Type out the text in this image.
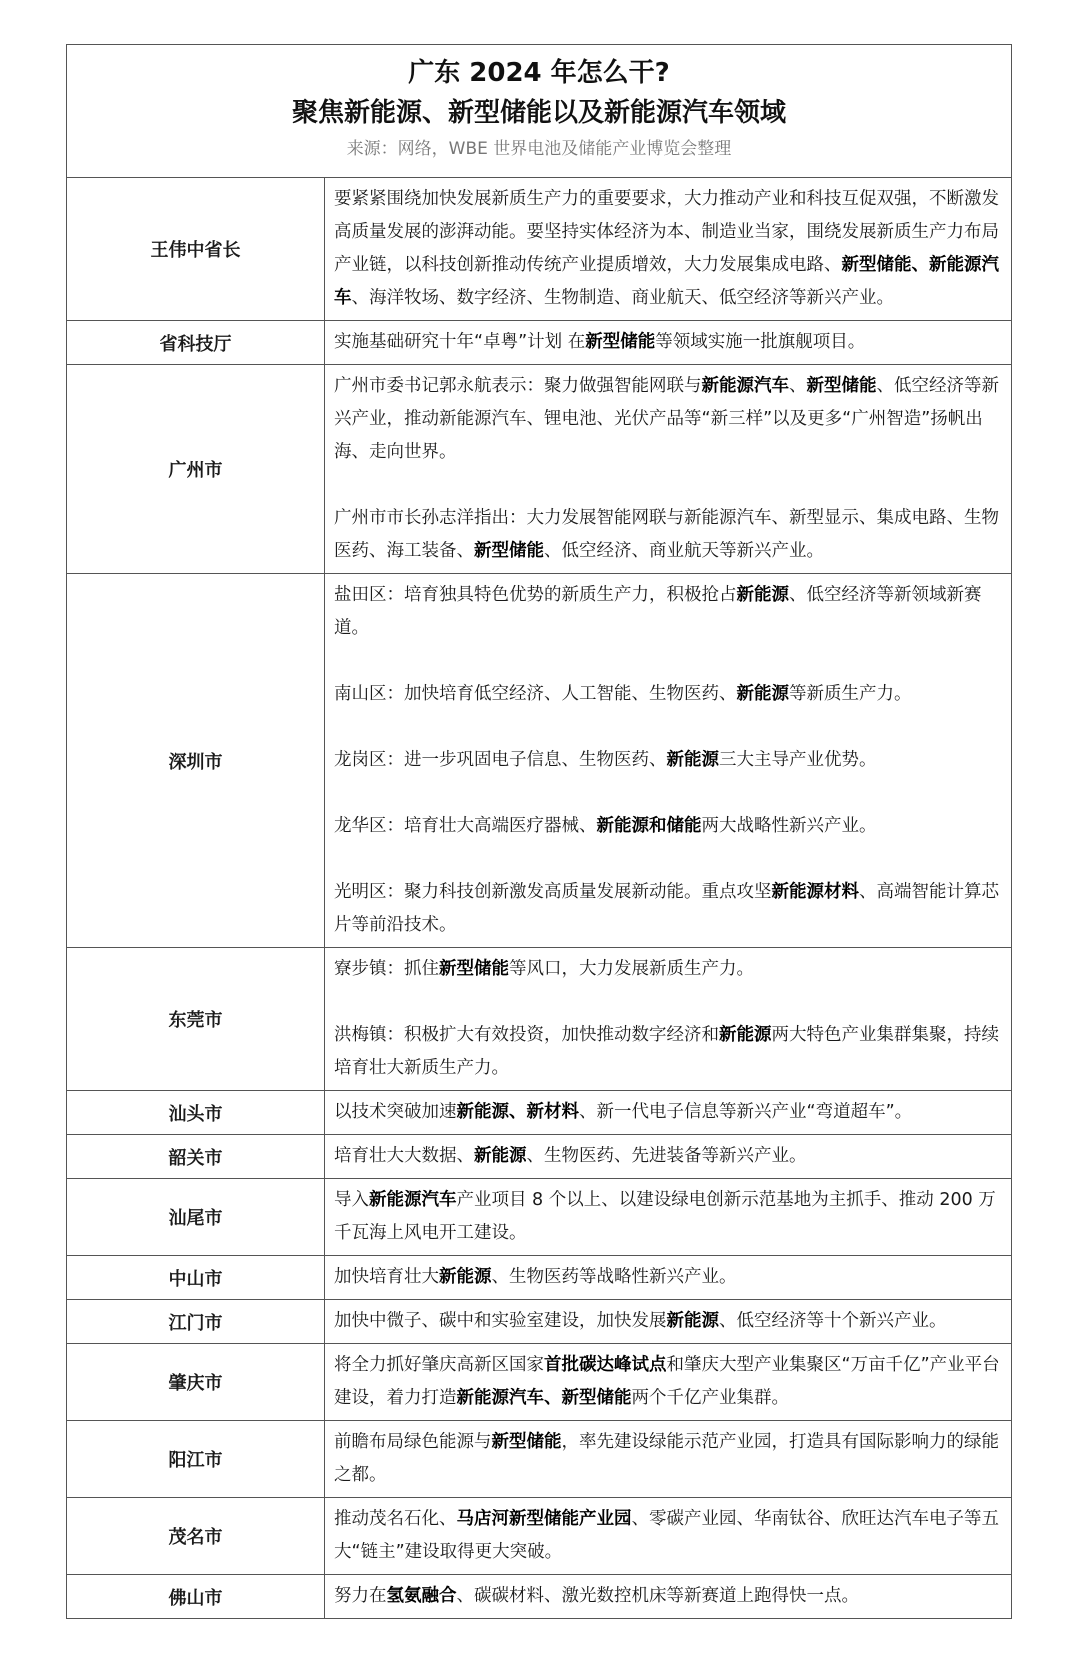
广东 2024 年怎么干?
聚焦新能源、新型储能以及新能源汽车领域
来源：网络，WBE 世界电池及储能产业博览会整理
王伟中省长	要紧紧围绕加快发展新质生产力的重要要求，大力推动产业和科技互促双强，不断激发高质量发展的澎湃动能。要坚持实体经济为本、制造业当家，围绕发展新质生产力布局产业链，以科技创新推动传统产业提质增效，大力发展集成电路、新型储能、新能源汽车、海洋牧场、数字经济、生物制造、商业航天、低空经济等新兴产业。

省科技厅	实施基础研究十年“卓粤”计划 在新型储能等领域实施一批旗舰项目。

广州市	广州市委书记郭永航表示：聚力做强智能网联与新能源汽车、新型储能、低空经济等新兴产业，推动新能源汽车、锂电池、光伏产品等“新三样”以及更多“广州智造”扬帆出海、走向世界。

广州市市长孙志洋指出：大力发展智能网联与新能源汽车、新型显示、集成电路、生物医药、海工装备、新型储能、低空经济、商业航天等新兴产业。

深圳市	盐田区：培育独具特色优势的新质生产力，积极抢占新能源、低空经济等新领域新赛道。

南山区：加快培育低空经济、人工智能、生物医药、新能源等新质生产力。

龙岗区：进一步巩固电子信息、生物医药、新能源三大主导产业优势。

龙华区：培育壮大高端医疗器械、新能源和储能两大战略性新兴产业。

光明区：聚力科技创新激发高质量发展新动能。重点攻坚新能源材料、高端智能计算芯片等前沿技术。

东莞市	寮步镇：抓住新型储能等风口，大力发展新质生产力。

洪梅镇：积极扩大有效投资，加快推动数字经济和新能源两大特色产业集群集聚，持续培育壮大新质生产力。

汕头市	以技术突破加速新能源、新材料、新一代电子信息等新兴产业“弯道超车”。

韶关市	培育壮大大数据、新能源、生物医药、先进装备等新兴产业。

汕尾市	导入新能源汽车产业项目 8 个以上、以建设绿电创新示范基地为主抓手、推动 200 万千瓦海上风电开工建设。

中山市	加快培育壮大新能源、生物医药等战略性新兴产业。

江门市	加快中微子、碳中和实验室建设，加快发展新能源、低空经济等十个新兴产业。

肇庆市	将全力抓好肇庆高新区国家首批碳达峰试点和肇庆大型产业集聚区“万亩千亿”产业平台建设，着力打造新能源汽车、新型储能两个千亿产业集群。

阳江市	前瞻布局绿色能源与新型储能，率先建设绿能示范产业园，打造具有国际影响力的绿能之都。

茂名市	推动茂名石化、马店河新型储能产业园、零碳产业园、华南钛谷、欣旺达汽车电子等五大“链主”建设取得更大突破。

佛山市	努力在氢氨融合、碳碳材料、激光数控机床等新赛道上跑得快一点。
